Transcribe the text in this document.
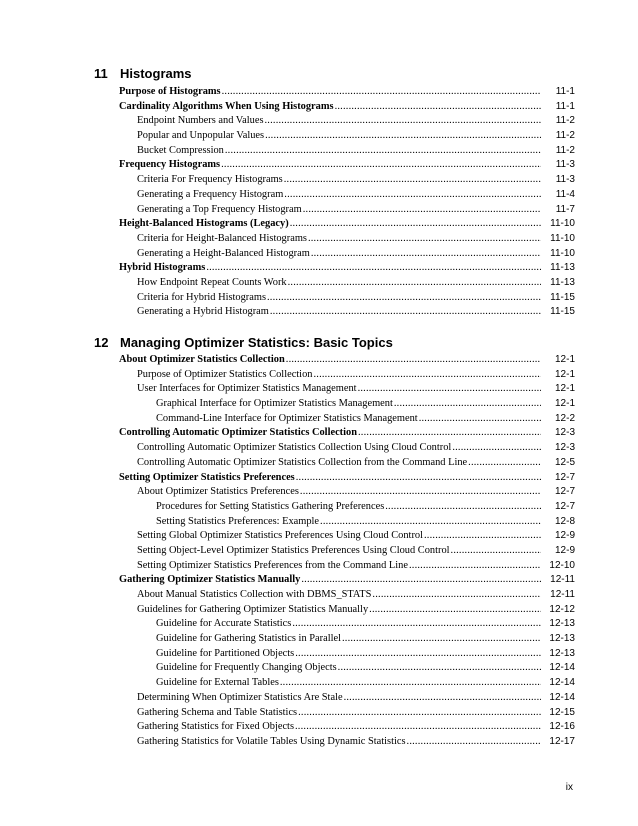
11 Histograms
Purpose of Histograms .....	11-1
Cardinality Algorithms When Using Histograms .....	11-1
Endpoint Numbers and Values .....	11-2
Popular and Unpopular Values .....	11-2
Bucket Compression .....	11-2
Frequency Histograms .....	11-3
Criteria For Frequency Histograms .....	11-3
Generating a Frequency Histogram .....	11-4
Generating a Top Frequency Histogram .....	11-7
Height-Balanced Histograms (Legacy) .....	11-10
Criteria for Height-Balanced Histograms .....	11-10
Generating a Height-Balanced Histogram .....	11-10
Hybrid Histograms .....	11-13
How Endpoint Repeat Counts Work .....	11-13
Criteria for Hybrid Histograms .....	11-15
Generating a Hybrid Histogram .....	11-15
12 Managing Optimizer Statistics: Basic Topics
About Optimizer Statistics Collection .....	12-1
Purpose of Optimizer Statistics Collection .....	12-1
User Interfaces for Optimizer Statistics Management .....	12-1
Graphical Interface for Optimizer Statistics Management .....	12-1
Command-Line Interface for Optimizer Statistics Management .....	12-2
Controlling Automatic Optimizer Statistics Collection .....	12-3
Controlling Automatic Optimizer Statistics Collection Using Cloud Control .....	12-3
Controlling Automatic Optimizer Statistics Collection from the Command Line .....	12-5
Setting Optimizer Statistics Preferences .....	12-7
About Optimizer Statistics Preferences .....	12-7
Procedures for Setting Statistics Gathering Preferences .....	12-7
Setting Statistics Preferences: Example .....	12-8
Setting Global Optimizer Statistics Preferences Using Cloud Control .....	12-9
Setting Object-Level Optimizer Statistics Preferences Using Cloud Control .....	12-9
Setting Optimizer Statistics Preferences from the Command Line .....	12-10
Gathering Optimizer Statistics Manually .....	12-11
About Manual Statistics Collection with DBMS_STATS .....	12-11
Guidelines for Gathering Optimizer Statistics Manually .....	12-12
Guideline for Accurate Statistics .....	12-13
Guideline for Gathering Statistics in Parallel .....	12-13
Guideline for Partitioned Objects .....	12-13
Guideline for Frequently Changing Objects .....	12-14
Guideline for External Tables .....	12-14
Determining When Optimizer Statistics Are Stale .....	12-14
Gathering Schema and Table Statistics .....	12-15
Gathering Statistics for Fixed Objects .....	12-16
Gathering Statistics for Volatile Tables Using Dynamic Statistics .....	12-17
ix
